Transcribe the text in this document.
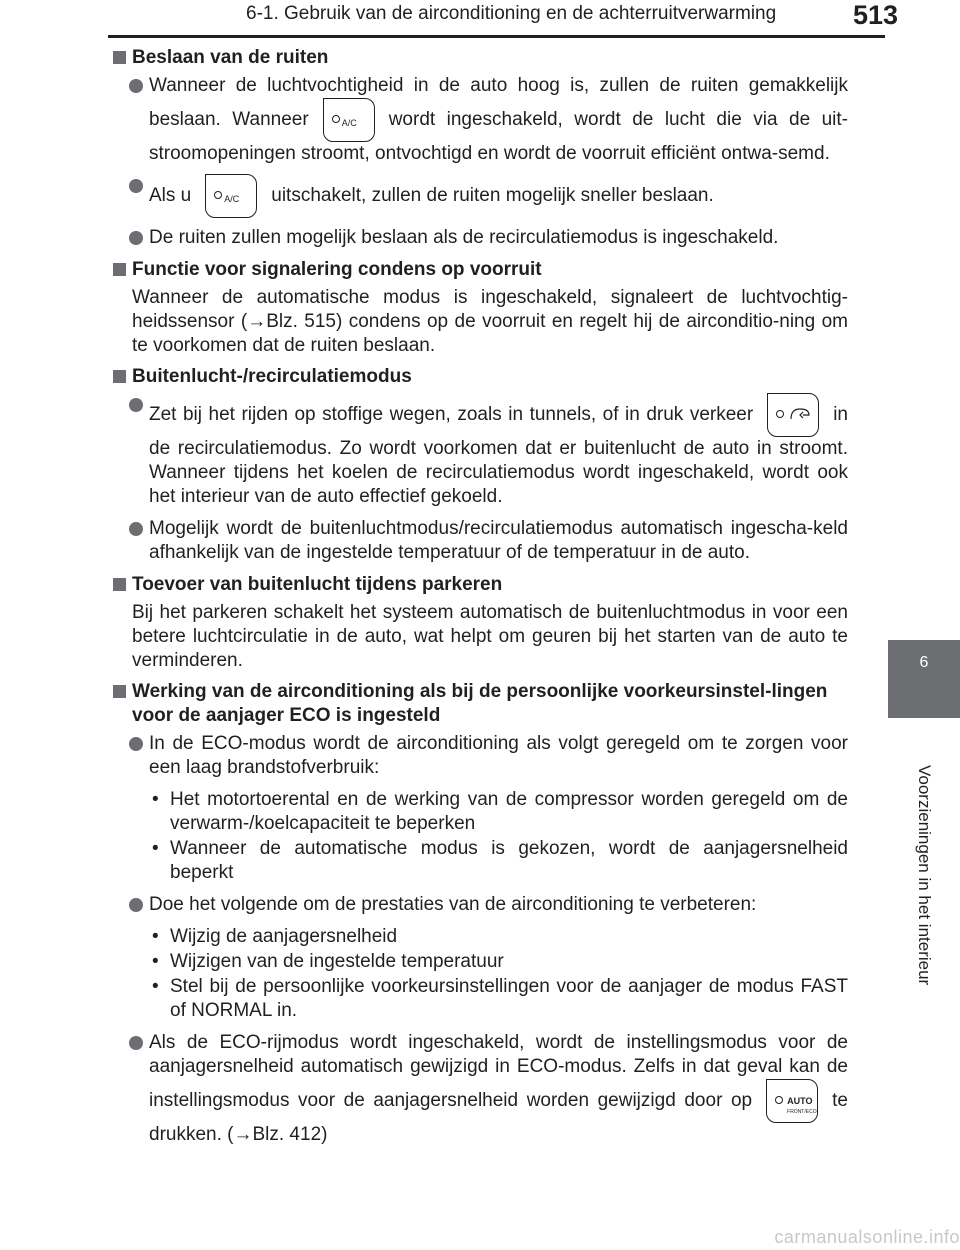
6-1. Gebruik van de airconditioning en de achterruitverwarming	513
6
Voorzieningen in het interieur
Beslaan van de ruiten
Wanneer de luchtvochtigheid in de auto hoog is, zullen de ruiten gemakkelijk beslaan. Wanneer	A/C wordt ingeschakeld, wordt de lucht die via de uit-stroomopeningen stroomt, ontvochtigd en wordt de voorruit efficiënt ontwa-semd.
Als u	A/C uitschakelt, zullen de ruiten mogelijk sneller beslaan.
De ruiten zullen mogelijk beslaan als de recirculatiemodus is ingeschakeld.
Functie voor signalering condens op voorruit
Wanneer de automatische modus is ingeschakeld, signaleert de luchtvochtig-heidssensor (→Blz. 515) condens op de voorruit en regelt hij de airconditio-ning om te voorkomen dat de ruiten beslaan.
Buitenlucht-/recirculatiemodus
Zet bij het rijden op stoffige wegen, zoals in tunnels, of in druk verkeer	in de recirculatiemodus. Zo wordt voorkomen dat er buitenlucht de auto in stroomt. Wanneer tijdens het koelen de recirculatiemodus wordt ingeschakeld, wordt ook het interieur van de auto effectief gekoeld.
Mogelijk wordt de buitenluchtmodus/recirculatiemodus automatisch ingescha-keld afhankelijk van de ingestelde temperatuur of de temperatuur in de auto.
Toevoer van buitenlucht tijdens parkeren
Bij het parkeren schakelt het systeem automatisch de buitenluchtmodus in voor een betere luchtcirculatie in de auto, wat helpt om geuren bij het starten van de auto te verminderen.
Werking van de airconditioning als bij de persoonlijke voorkeursinstel-lingen voor de aanjager ECO is ingesteld
In de ECO-modus wordt de airconditioning als volgt geregeld om te zorgen voor een laag brandstofverbruik:
• Het motortoerental en de werking van de compressor worden geregeld om de verwarm-/koelcapaciteit te beperken
• Wanneer de automatische modus is gekozen, wordt de aanjagersnelheid beperkt
Doe het volgende om de prestaties van de airconditioning te verbeteren:
• Wijzig de aanjagersnelheid
• Wijzigen van de ingestelde temperatuur
• Stel bij de persoonlijke voorkeursinstellingen voor de aanjager de modus FAST of NORMAL in.
Als de ECO-rijmodus wordt ingeschakeld, wordt de instellingsmodus voor de aanjagersnelheid automatisch gewijzigd in ECO-modus. Zelfs in dat geval kan de instellingsmodus voor de aanjagersnelheid worden gewijzigd door op	AUTO
FRONT/ECO
te drukken. (→Blz. 412)
carmanualsonline.info
